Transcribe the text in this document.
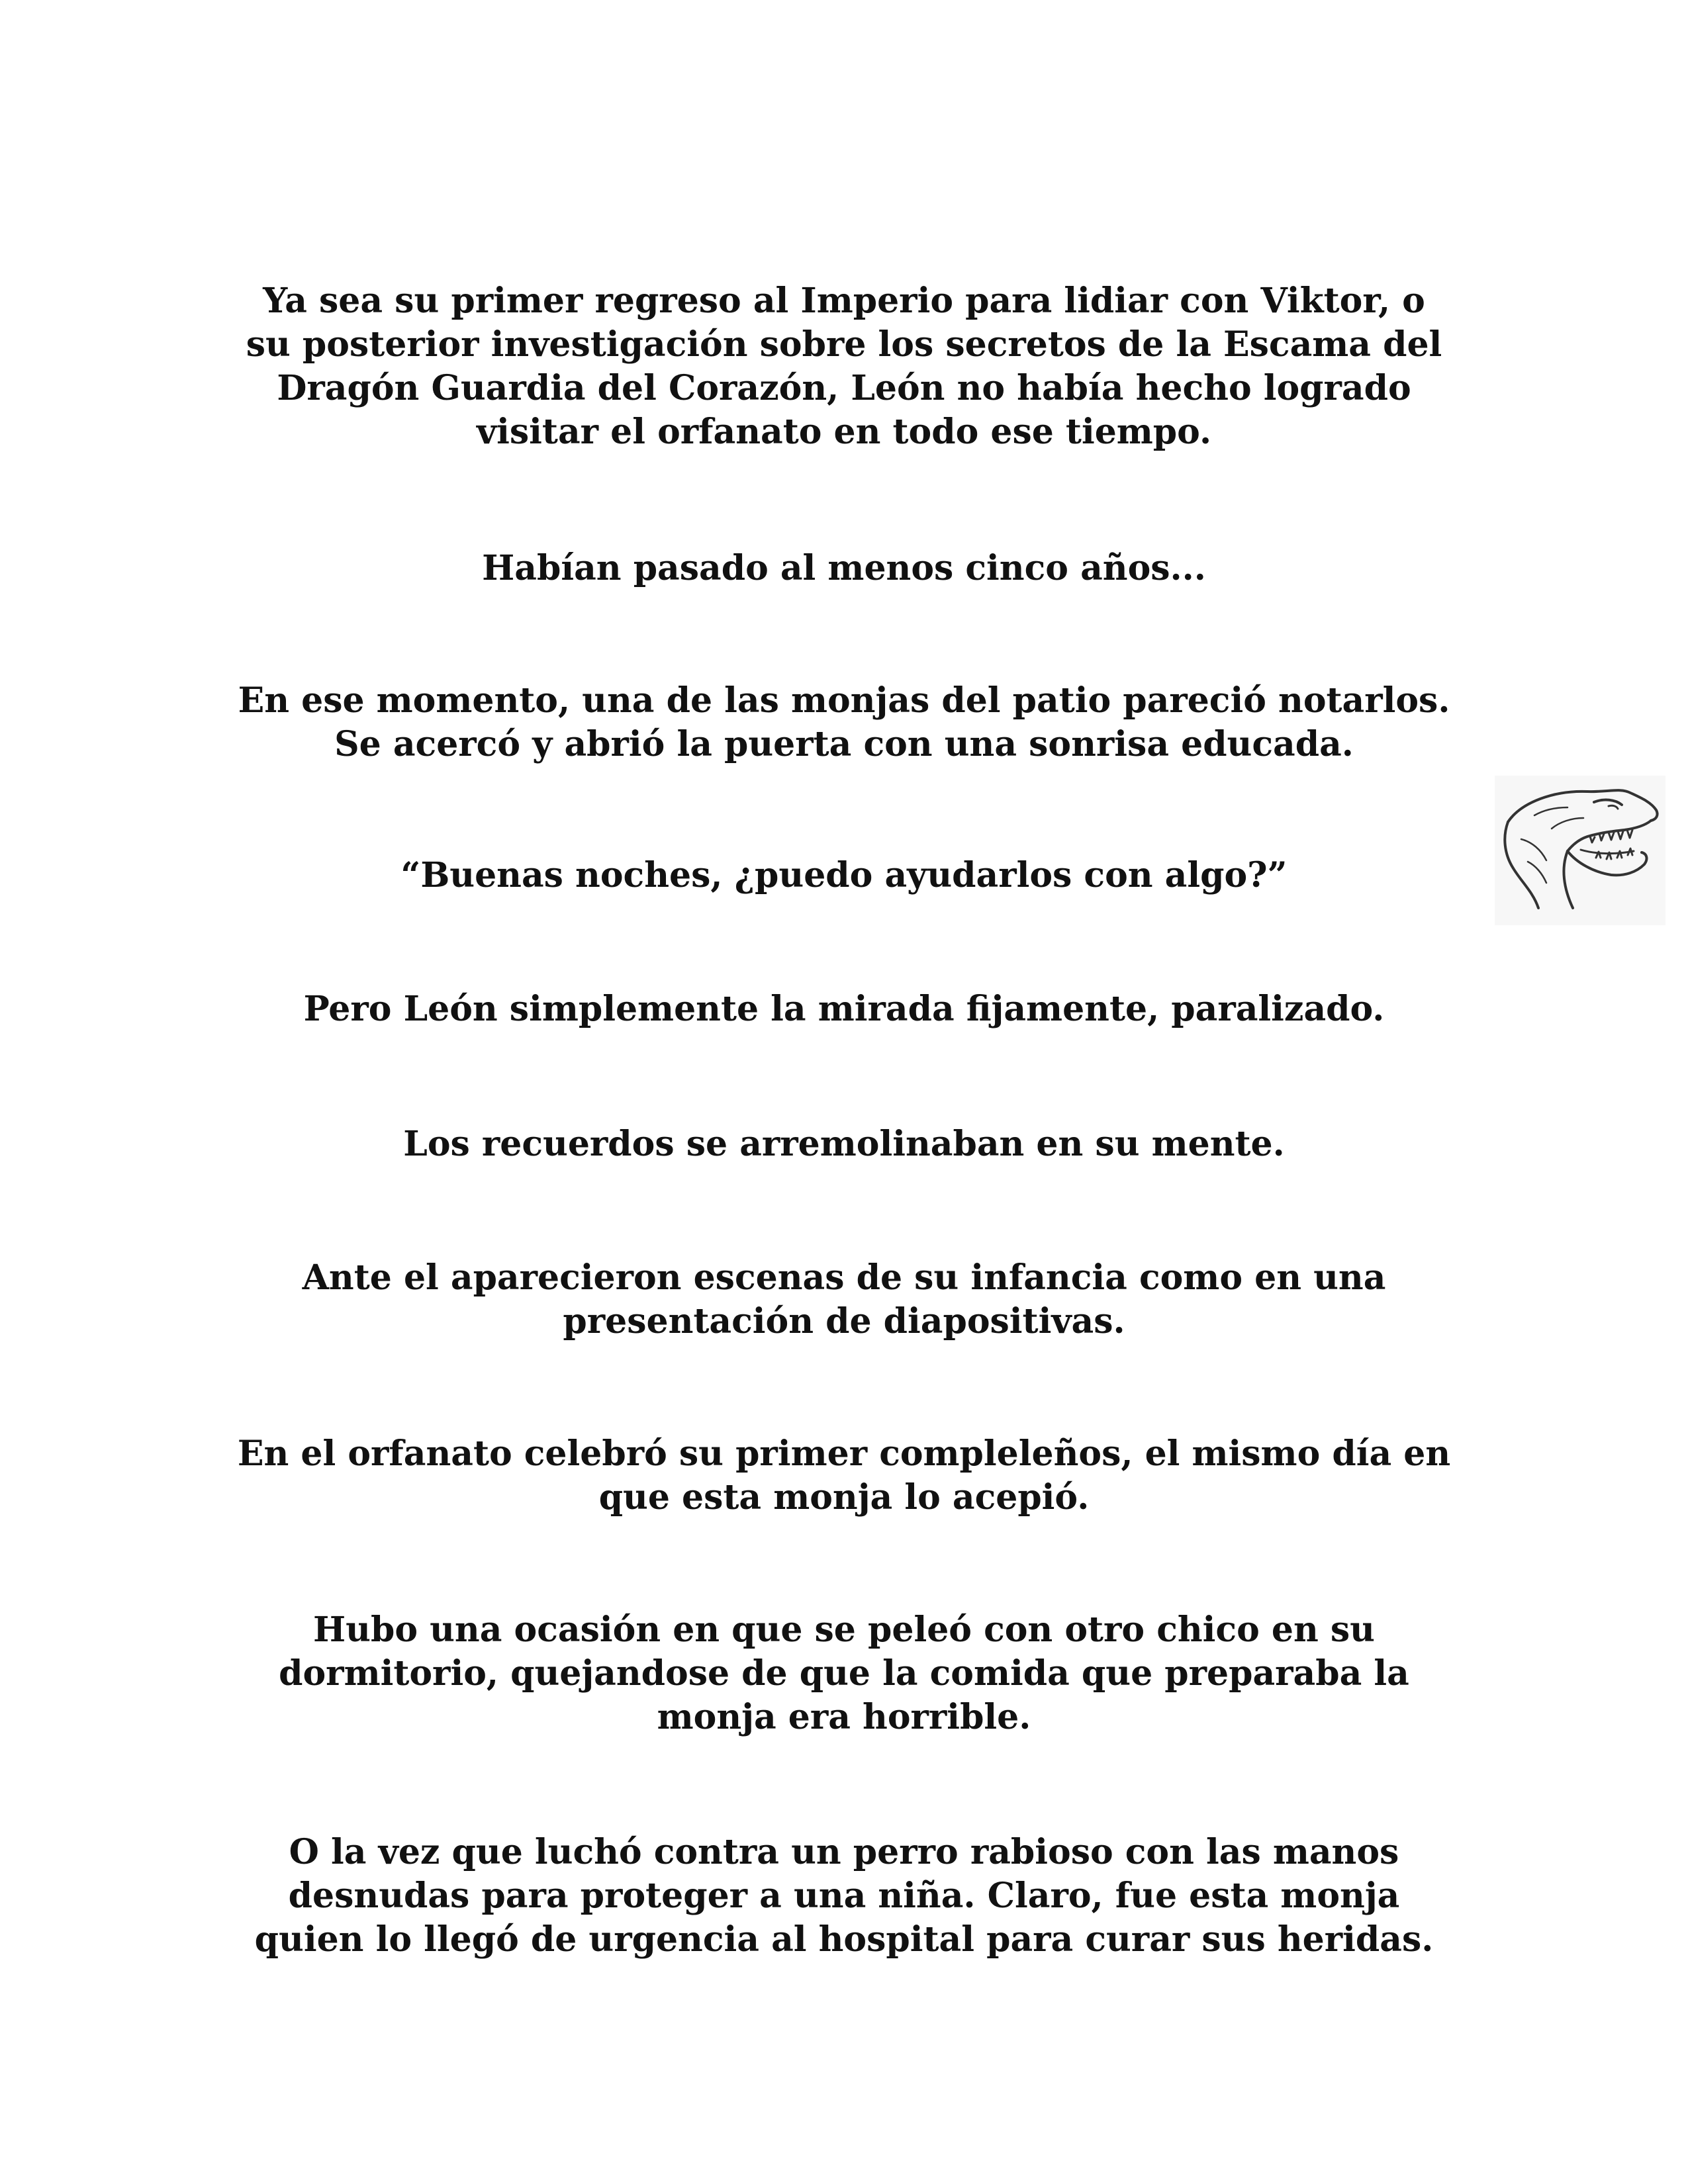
Ya sea su primer regreso al Imperio para lidiar con Viktor, o
su posterior investigación sobre los secretos de la Escama del
Dragón Guardia del Corazón, León no había hecho logrado
visitar el orfanato en todo ese tiempo.

Habían pasado al menos cinco años...

En ese momento, una de las monjas del patio pareció notarlos.
Se acercó y abrió la puerta con una sonrisa educada.

“Buenas noches, ¿puedo ayudarlos con algo?”

Pero León simplemente la mirada fijamente, paralizado.

Los recuerdos se arremolinaban en su mente.

Ante el aparecieron escenas de su infancia como en una
presentación de diapositivas.

En el orfanato celebró su primer compleleños, el mismo día en
que esta monja lo acepió.

Hubo una ocasión en que se peleó con otro chico en su
dormitorio, quejandose de que la comida que preparaba la
monja era horrible.

O la vez que luchó contra un perro rabioso con las manos
desnudas para proteger a una niña. Claro, fue esta monja
quien lo llegó de urgencia al hospital para curar sus heridas.
